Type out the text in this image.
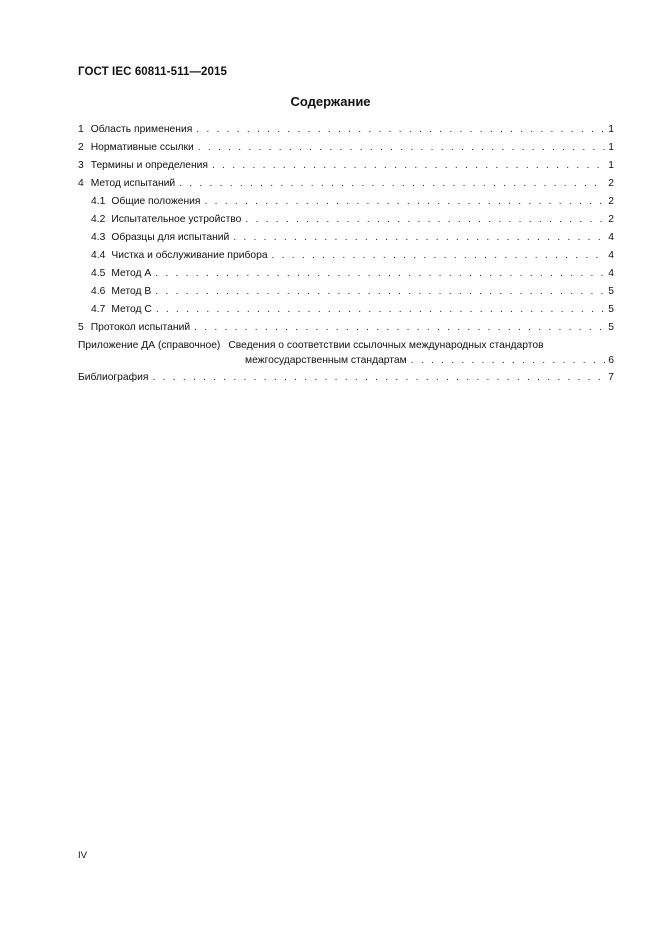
ГОСТ IEC 60811-511—2015
Содержание
1 Область применения . . .	1
2 Нормативные ссылки . . .	1
3 Термины и определения . . .	1
4 Метод испытаний . . .	2
4.1 Общие положения . . .	2
4.2 Испытательное устройство . . .	2
4.3 Образцы для испытаний . . .	4
4.4 Чистка и обслуживание прибора . . .	4
4.5 Метод А . . .	4
4.6 Метод В . . .	5
4.7 Метод С . . .	5
5 Протокол испытаний . . .	5
Приложение ДА (справочное) Сведения о соответствии ссылочных международных стандартов
межгосударственным стандартам . . .	6
Библиография . . .	7
IV
